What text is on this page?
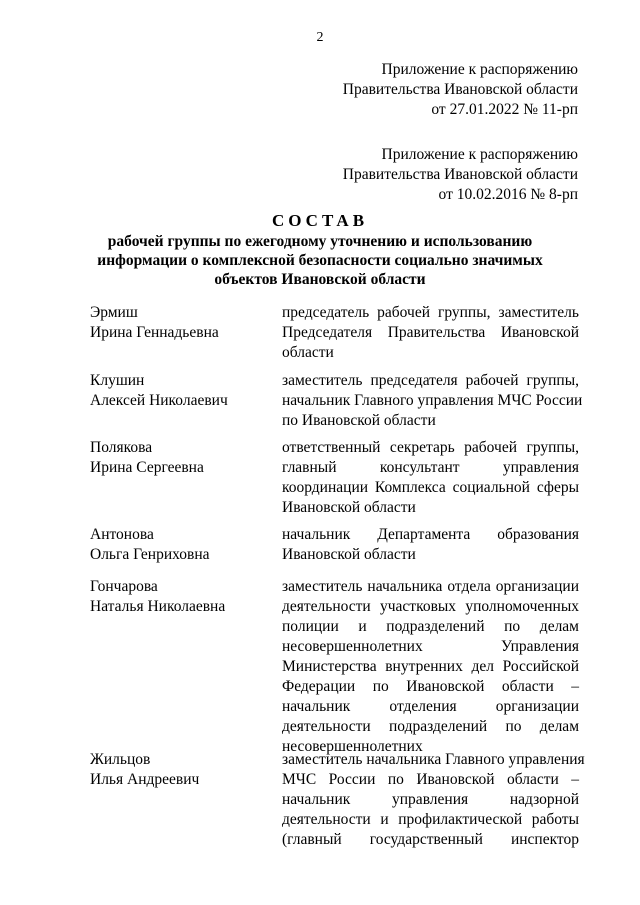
2
Приложение к распоряжению
Правительства Ивановской области
от 27.01.2022 № 11-рп
Приложение к распоряжению
Правительства Ивановской области
от 10.02.2016 № 8-рп
СОСТАВ
рабочей группы по ежегодному уточнению и использованию
информации о комплексной безопасности социально значимых
объектов Ивановской области
Эрмиш
Ирина Геннадьевна
председатель рабочей группы, заместитель
Председателя Правительства Ивановской
области
Клушин
Алексей Николаевич
заместитель председателя рабочей группы,
начальник Главного управления МЧС России
по Ивановской области
Полякова
Ирина Сергеевна
ответственный секретарь рабочей группы,
главный консультант управления
координации Комплекса социальной сферы
Ивановской области
Антонова
Ольга Генриховна
начальник Департамента образования
Ивановской области
Гончарова
Наталья Николаевна
заместитель начальника отдела организации
деятельности участковых уполномоченных
полиции и подразделений по делам
несовершеннолетних Управления
Министерства внутренних дел Российской
Федерации по Ивановской области –
начальник отделения организации
деятельности подразделений по делам
несовершеннолетних
Жильцов
Илья Андреевич
заместитель начальника Главного управления
МЧС России по Ивановской области –
начальник управления надзорной
деятельности и профилактической работы
(главный государственный инспектор
